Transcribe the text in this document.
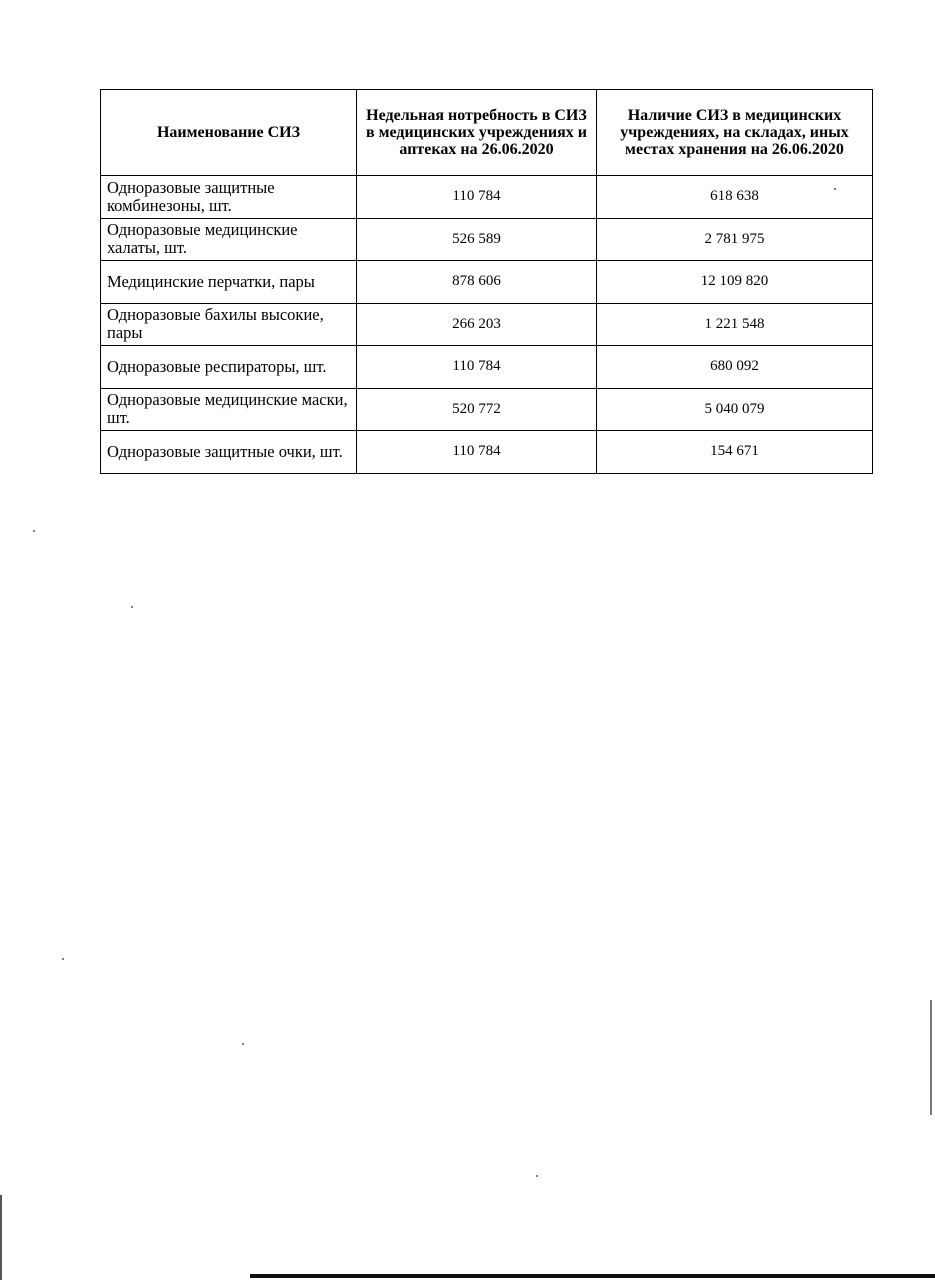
Наименование СИЗ	Недельная нотребность в СИЗ в медицинских учреждениях и аптеках на 26.06.2020	Наличие СИЗ в медицинских учреждениях, на складах, иных местах хранения на 26.06.2020
Одноразовые защитные комбинезоны, шт.	110 784	618 638
Одноразовые медицинские халаты, шт.	526 589	2 781 975
Медицинские перчатки, пары	878 606	12 109 820
Одноразовые бахилы высокие, пары	266 203	1 221 548
Одноразовые респираторы, шт.	110 784	680 092
Одноразовые медицинские маски, шт.	520 772	5 040 079
Одноразовые защитные очки, шт.	110 784	154 671
